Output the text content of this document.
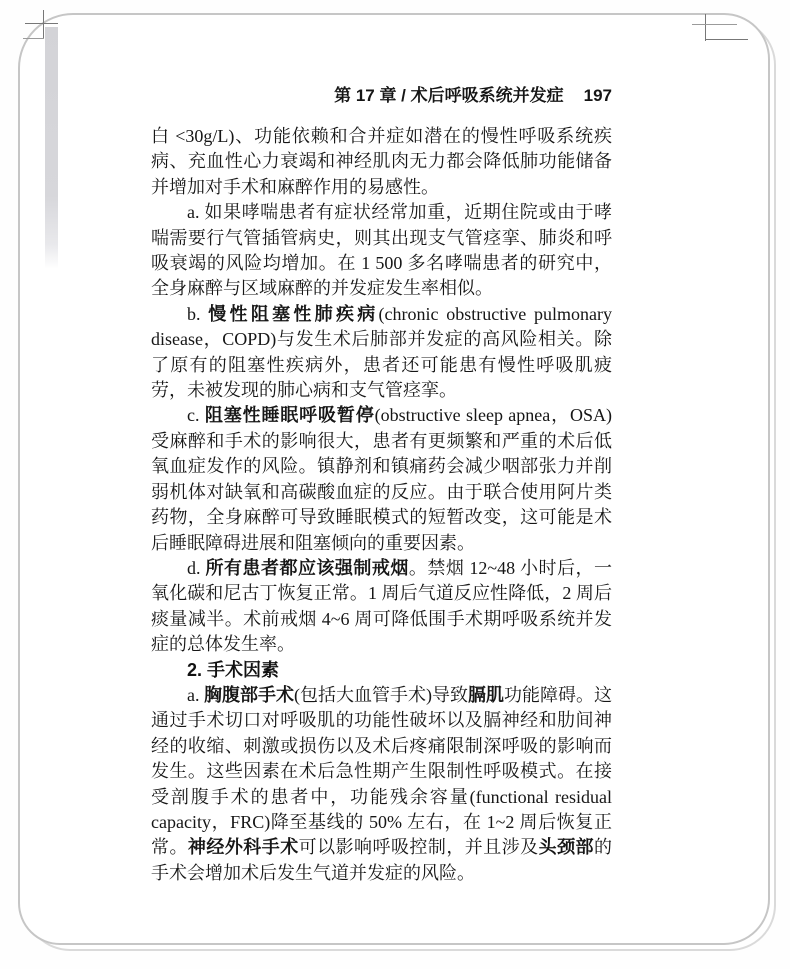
第 17 章 / 术后呼吸系统并发症 197

白 <30g/L)、功能依赖和合并症如潜在的慢性呼吸系统疾病、充血性心力衰竭和神经肌肉无力都会降低肺功能储备并增加对手术和麻醉作用的易感性。

a. 如果哮喘患者有症状经常加重，近期住院或由于哮喘需要行气管插管病史，则其出现支气管痉挛、肺炎和呼吸衰竭的风险均增加。在 1 500 多名哮喘患者的研究中，全身麻醉与区域麻醉的并发症发生率相似。

b. 慢性阻塞性肺疾病(chronic obstructive pulmonary disease，COPD)与发生术后肺部并发症的高风险相关。除了原有的阻塞性疾病外，患者还可能患有慢性呼吸肌疲劳，未被发现的肺心病和支气管痉挛。

c. 阻塞性睡眠呼吸暂停(obstructive sleep apnea，OSA)受麻醉和手术的影响很大，患者有更频繁和严重的术后低氧血症发作的风险。镇静剂和镇痛药会减少咽部张力并削弱机体对缺氧和高碳酸血症的反应。由于联合使用阿片类药物，全身麻醉可导致睡眠模式的短暂改变，这可能是术后睡眠障碍进展和阻塞倾向的重要因素。

d. 所有患者都应该强制戒烟。禁烟 12~48 小时后，一氧化碳和尼古丁恢复正常。1 周后气道反应性降低，2 周后痰量减半。术前戒烟 4~6 周可降低围手术期呼吸系统并发症的总体发生率。

2. 手术因素

a. 胸腹部手术(包括大血管手术)导致膈肌功能障碍。这通过手术切口对呼吸肌的功能性破坏以及膈神经和肋间神经的收缩、刺激或损伤以及术后疼痛限制深呼吸的影响而发生。这些因素在术后急性期产生限制性呼吸模式。在接受剖腹手术的患者中，功能残余容量(functional residual capacity，FRC)降至基线的 50% 左右，在 1~2 周后恢复正常。神经外科手术可以影响呼吸控制，并且涉及头颈部的手术会增加术后发生气道并发症的风险。
